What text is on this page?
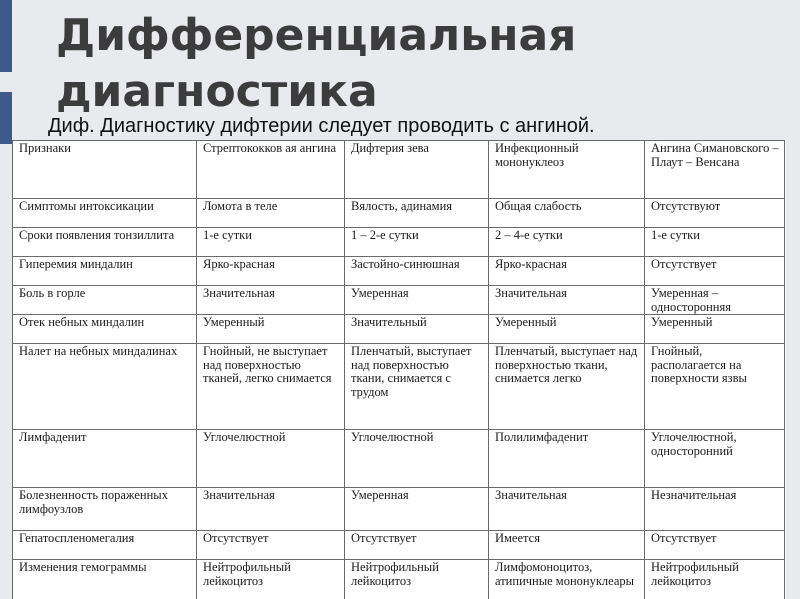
Дифференциальная
диагностика

Диф. Диагностику дифтерии следует проводить с ангиной.

Признаки	Стрептококков ая ангина	Дифтерия зева	Инфекционный мононуклеоз	Ангина Симановского – Плаут – Венсана
Симптомы интоксикации	Ломота в теле	Вялость, адинамия	Общая слабость	Отсутствуют
Сроки появления тонзиллита	1-е сутки	1 – 2-е сутки	2 – 4-е сутки	1-е сутки
Гиперемия миндалин	Ярко-красная	Застойно-синюшная	Ярко-красная	Отсутствует
Боль в горле	Значительная	Умеренная	Значительная	Умеренная – односторонняя
Отек небных миндалин	Умеренный	Значительный	Умеренный	Умеренный
Налет на небных миндалинах	Гнойный, не выступает над поверхностью тканей, легко снимается	Пленчатый, выступает над поверхностью ткани, снимается с трудом	Пленчатый, выступает над поверхностью ткани, снимается легко	Гнойный, располагается на поверхности язвы
Лимфаденит	Углочелюстной	Углочелюстной	Полилимфаденит	Углочелюстной, односторонний
Болезненность пораженных лимфоузлов	Значительная	Умеренная	Значительная	Незначительная
Гепатоспленомегалия	Отсутствует	Отсутствует	Имеется	Отсутствует
Изменения гемограммы	Нейтрофильный лейкоцитоз	Нейтрофильный лейкоцитоз	Лимфомоноцитоз, атипичные мононуклеары	Нейтрофильный лейкоцитоз
